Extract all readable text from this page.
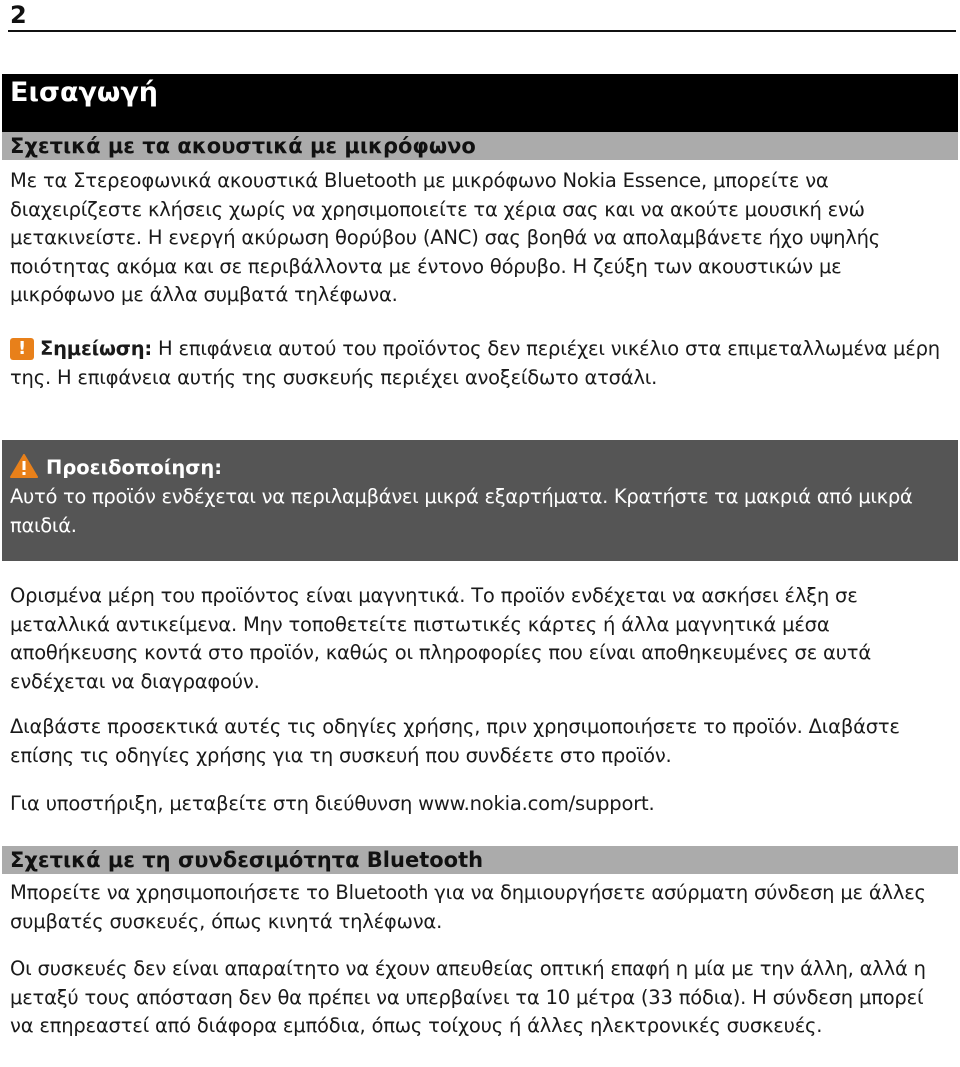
2
Εισαγωγή
Σχετικά με τα ακουστικά με μικρόφωνο

Με τα Στερεοφωνικά ακουστικά Bluetooth με μικρόφωνο Nokia Essence, μπορείτε να διαχειρίζεστε κλήσεις χωρίς να χρησιμοποιείτε τα χέρια σας και να ακούτε μουσική ενώ μετακινείστε. Η ενεργή ακύρωση θορύβου (ANC) σας βοηθά να απολαμβάνετε ήχο υψηλής ποιότητας ακόμα και σε περιβάλλοντα με έντονο θόρυβο. Η ζεύξη των ακουστικών με μικρόφωνο με άλλα συμβατά τηλέφωνα.

! Σημείωση: Η επιφάνεια αυτού του προϊόντος δεν περιέχει νικέλιο στα επιμεταλλωμένα μέρη της. Η επιφάνεια αυτής της συσκευής περιέχει ανοξείδωτο ατσάλι.

Προειδοποίηση:

Αυτό το προϊόν ενδέχεται να περιλαμβάνει μικρά εξαρτήματα. Κρατήστε τα μακριά από μικρά παιδιά.

Ορισμένα μέρη του προϊόντος είναι μαγνητικά. Το προϊόν ενδέχεται να ασκήσει έλξη σε μεταλλικά αντικείμενα. Μην τοποθετείτε πιστωτικές κάρτες ή άλλα μαγνητικά μέσα αποθήκευσης κοντά στο προϊόν, καθώς οι πληροφορίες που είναι αποθηκευμένες σε αυτά ενδέχεται να διαγραφούν.

Διαβάστε προσεκτικά αυτές τις οδηγίες χρήσης, πριν χρησιμοποιήσετε το προϊόν. Διαβάστε επίσης τις οδηγίες χρήσης για τη συσκευή που συνδέετε στο προϊόν.

Για υποστήριξη, μεταβείτε στη διεύθυνση www.nokia.com/support.

Σχετικά με τη συνδεσιμότητα Bluetooth

Μπορείτε να χρησιμοποιήσετε το Bluetooth για να δημιουργήσετε ασύρματη σύνδεση με άλλες συμβατές συσκευές, όπως κινητά τηλέφωνα.

Οι συσκευές δεν είναι απαραίτητο να έχουν απευθείας οπτική επαφή η μία με την άλλη, αλλά η μεταξύ τους απόσταση δεν θα πρέπει να υπερβαίνει τα 10 μέτρα (33 πόδια). Η σύνδεση μπορεί να επηρεαστεί από διάφορα εμπόδια, όπως τοίχους ή άλλες ηλεκτρονικές συσκευές.
